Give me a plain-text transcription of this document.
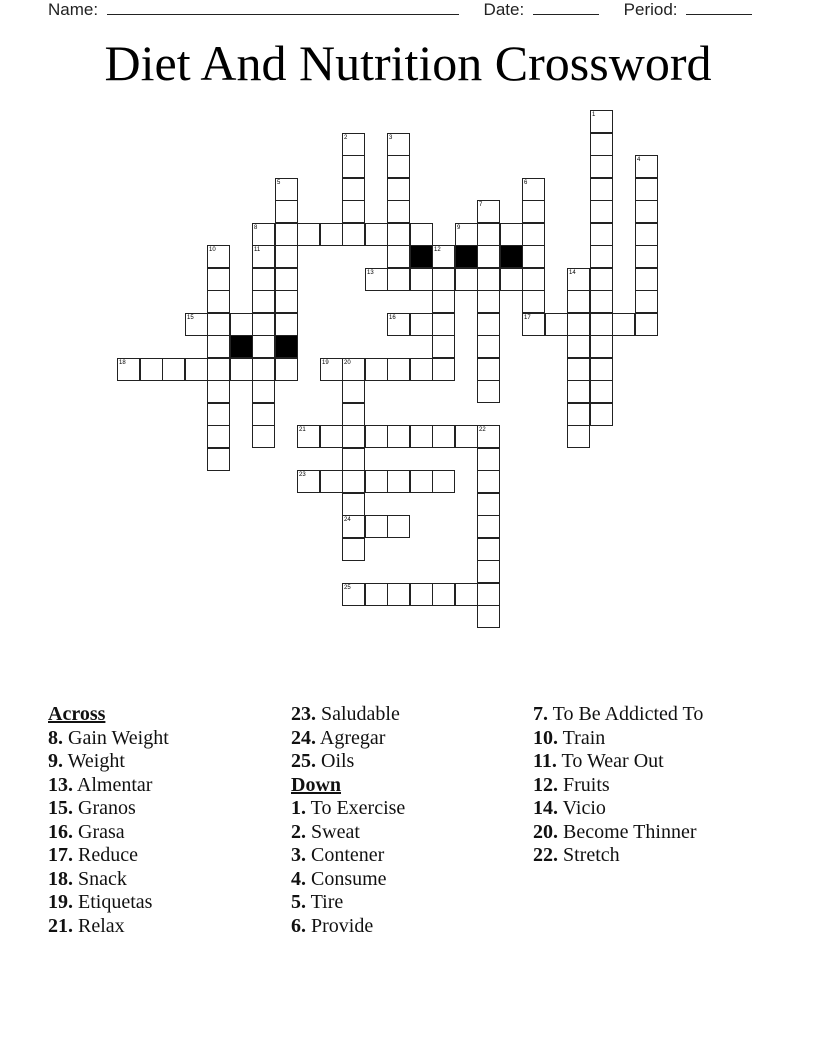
Name:	Date:	Period:
Diet And Nutrition Crossword
1
2	3
4
5	6
7
8	9
10	11	12
13	14
15	16	17
18	19	20
21	22
23
24
25
Across
8. Gain Weight
9. Weight
13. Almentar
15. Granos
16. Grasa
17. Reduce
18. Snack
19. Etiquetas
21. Relax
23. Saludable
24. Agregar
25. Oils
Down
1. To Exercise
2. Sweat
3. Contener
4. Consume
5. Tire
6. Provide
7. To Be Addicted To
10. Train
11. To Wear Out
12. Fruits
14. Vicio
20. Become Thinner
22. Stretch
